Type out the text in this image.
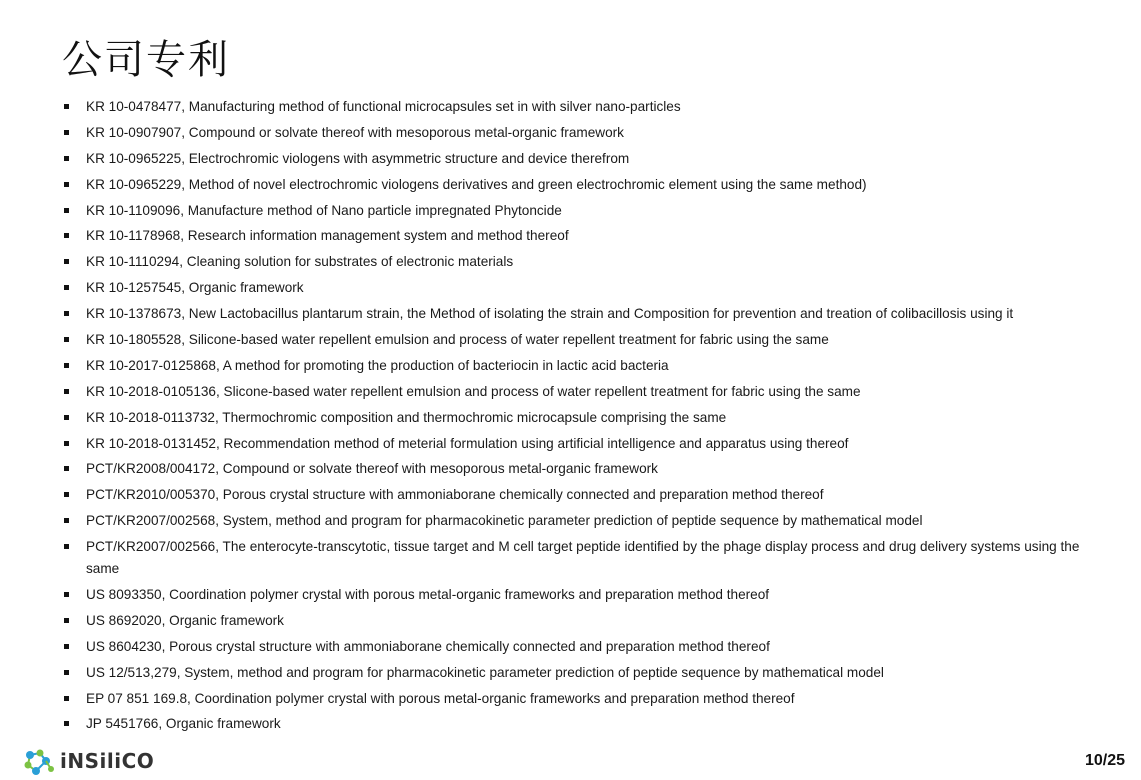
公司专利
KR 10-0478477, Manufacturing method of functional microcapsules set in with silver nano-particles
KR 10-0907907, Compound or solvate thereof with mesoporous metal-organic framework
KR 10-0965225, Electrochromic viologens with asymmetric structure and device therefrom
KR 10-0965229, Method of novel electrochromic viologens derivatives and green electrochromic element using the same method)
KR 10-1109096, Manufacture method of Nano particle impregnated Phytoncide
KR 10-1178968, Research information management system and method thereof
KR 10-1110294, Cleaning solution for substrates of electronic materials
KR 10-1257545, Organic framework
KR 10-1378673, New Lactobacillus plantarum strain, the Method of isolating the strain and Composition for prevention and treation of colibacillosis using it
KR 10-1805528, Silicone-based water repellent emulsion and process of water repellent treatment for fabric using the same
KR 10-2017-0125868, A method for promoting the production of bacteriocin in lactic acid bacteria
KR 10-2018-0105136, Slicone-based water repellent emulsion and process of water repellent treatment for fabric using the same
KR 10-2018-0113732, Thermochromic composition and thermochromic microcapsule comprising the same
KR 10-2018-0131452, Recommendation method of meterial formulation using artificial intelligence and apparatus using thereof
PCT/KR2008/004172, Compound or solvate thereof with mesoporous metal-organic framework
PCT/KR2010/005370, Porous crystal structure with ammoniaborane chemically connected and preparation method thereof
PCT/KR2007/002568, System, method and program for pharmacokinetic parameter prediction of peptide sequence by mathematical model
PCT/KR2007/002566, The enterocyte-transcytotic, tissue target and M cell target peptide identified by the phage display process and drug delivery systems using the same
US 8093350, Coordination polymer crystal with porous metal-organic frameworks and preparation method thereof
US 8692020, Organic framework
US 8604230, Porous crystal structure with ammoniaborane chemically connected and preparation method thereof
US 12/513,279, System, method and program for pharmacokinetic parameter prediction of peptide sequence by mathematical model
EP 07 851 169.8, Coordination polymer crystal with porous metal-organic frameworks and preparation method thereof
JP 5451766, Organic framework
iNSiliCO	10/25
